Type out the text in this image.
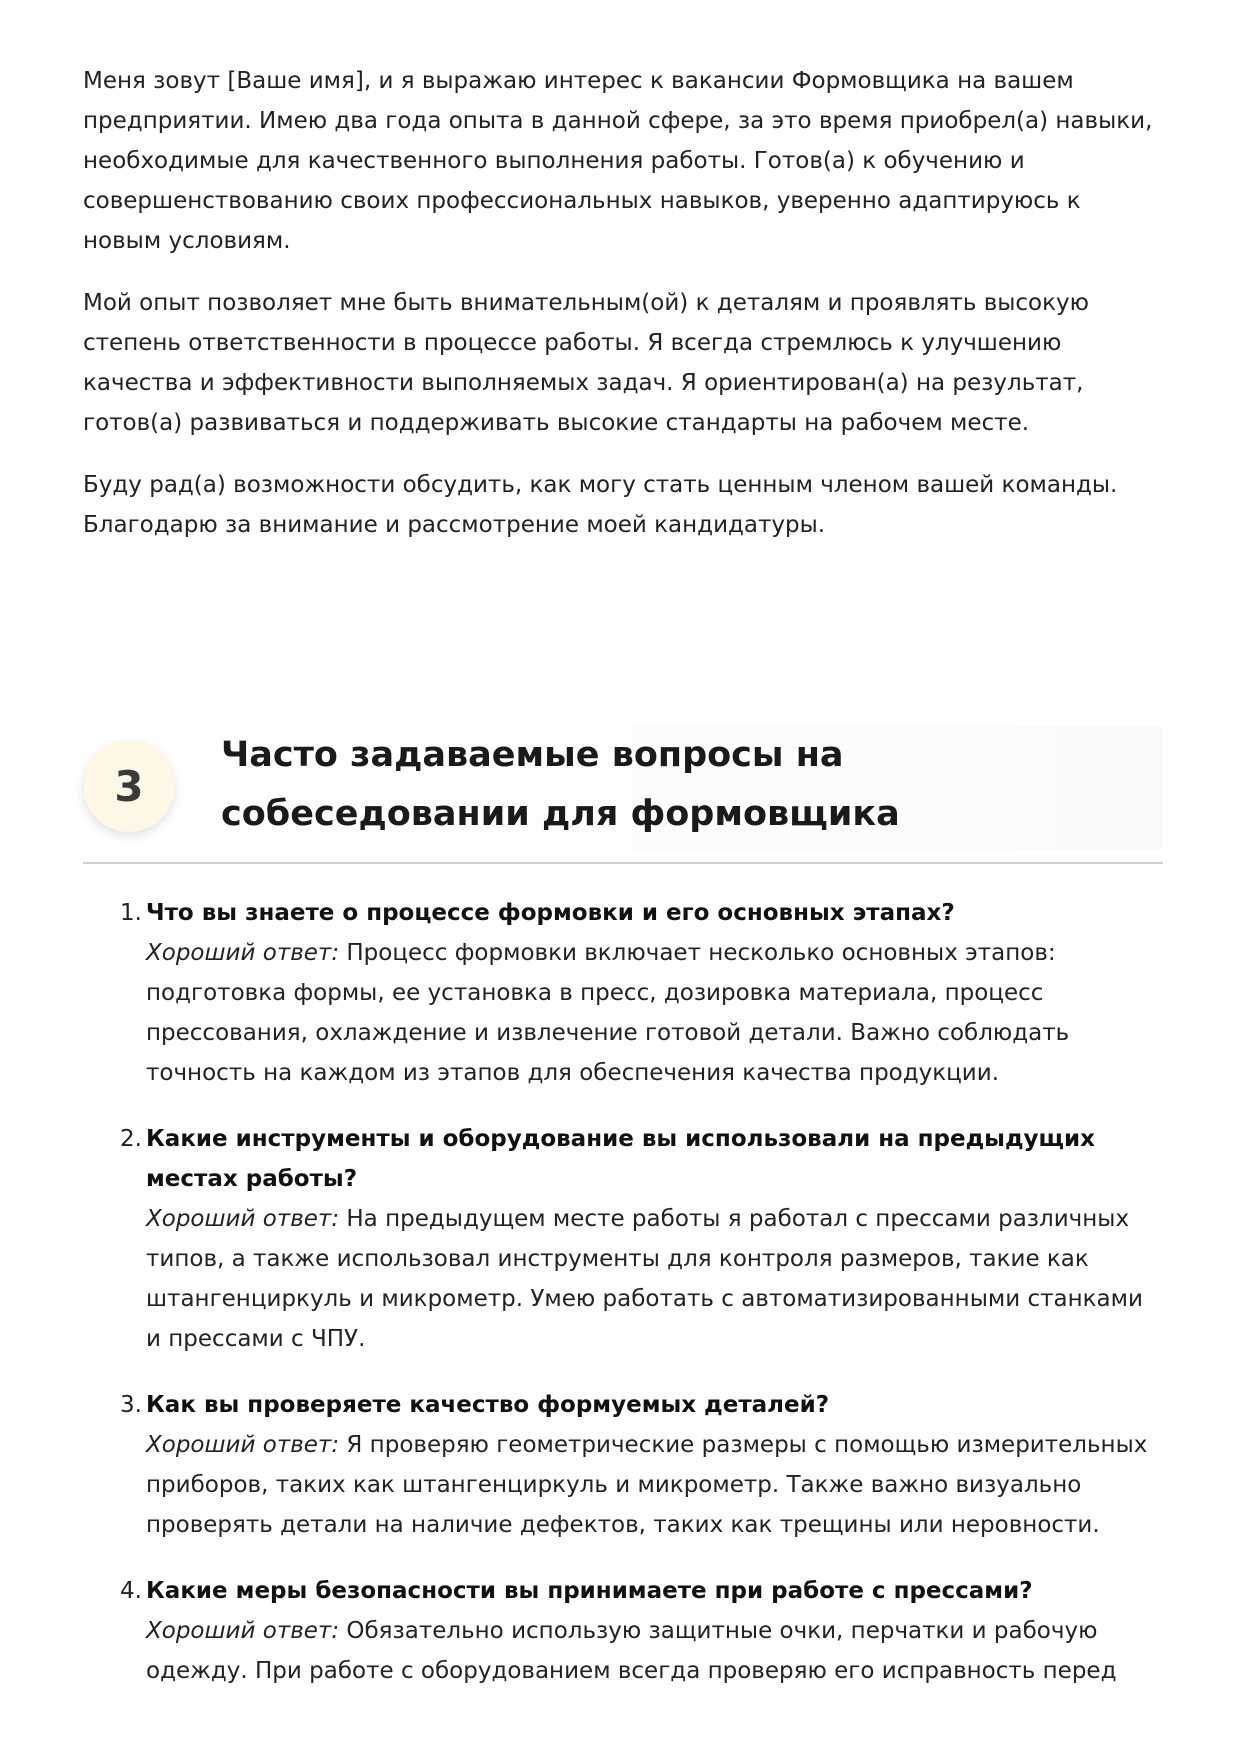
Меня зовут [Ваше имя], и я выражаю интерес к вакансии Формовщика на вашем предприятии. Имею два года опыта в данной сфере, за это время приобрел(а) навыки, необходимые для качественного выполнения работы. Готов(а) к обучению и совершенствованию своих профессиональных навыков, уверенно адаптируюсь к новым условиям.

Мой опыт позволяет мне быть внимательным(ой) к деталям и проявлять высокую степень ответственности в процессе работы. Я всегда стремлюсь к улучшению качества и эффективности выполняемых задач. Я ориентирован(а) на результат, готов(а) развиваться и поддерживать высокие стандарты на рабочем месте.

Буду рад(а) возможности обсудить, как могу стать ценным членом вашей команды. Благодарю за внимание и рассмотрение моей кандидатуры.

3
Часто задаваемые вопросы на собеседовании для формовщика
1. Что вы знаете о процессе формовки и его основных этапах?
Хороший ответ: Процесс формовки включает несколько основных этапов: подготовка формы, ее установка в пресс, дозировка материала, процесс прессования, охлаждение и извлечение готовой детали. Важно соблюдать точность на каждом из этапов для обеспечения качества продукции.
2. Какие инструменты и оборудование вы использовали на предыдущих местах работы?
Хороший ответ: На предыдущем месте работы я работал с прессами различных типов, а также использовал инструменты для контроля размеров, такие как штангенциркуль и микрометр. Умею работать с автоматизированными станками и прессами с ЧПУ.
3. Как вы проверяете качество формуемых деталей?
Хороший ответ: Я проверяю геометрические размеры с помощью измерительных приборов, таких как штангенциркуль и микрометр. Также важно визуально проверять детали на наличие дефектов, таких как трещины или неровности.
4. Какие меры безопасности вы принимаете при работе с прессами?
Хороший ответ: Обязательно использую защитные очки, перчатки и рабочую одежду. При работе с оборудованием всегда проверяю его исправность перед
